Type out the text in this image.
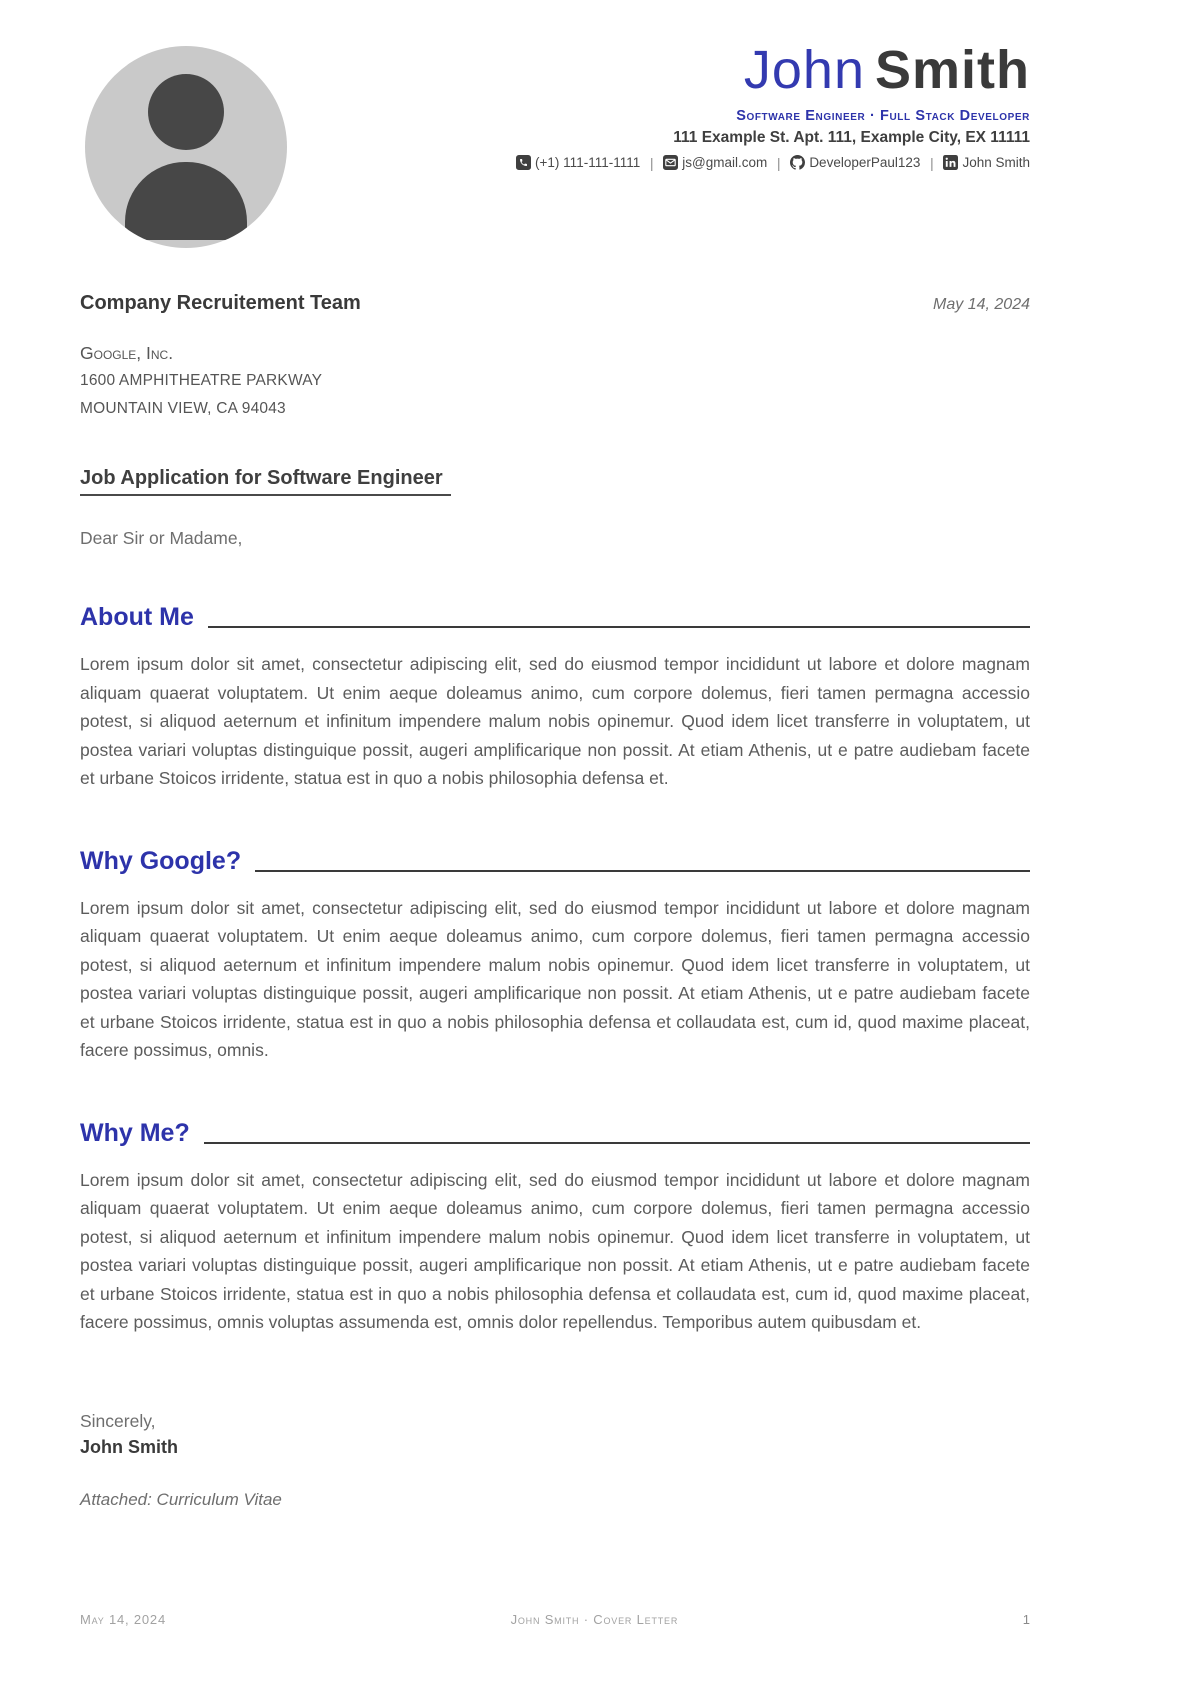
John Smith
Software Engineer · Full Stack Developer
111 Example St. Apt. 111, Example City, EX 11111
(+1) 111-111-1111 | js@gmail.com | DeveloperPaul123 | John Smith
Company Recruitement Team	May 14, 2024
Google, Inc.
1600 AMPHITHEATRE PARKWAY
MOUNTAIN VIEW, CA 94043
Job Application for Software Engineer
Dear Sir or Madame,
About Me

Lorem ipsum dolor sit amet, consectetur adipiscing elit, sed do eiusmod tempor incididunt ut labore et dolore magnam aliquam quaerat voluptatem. Ut enim aeque doleamus animo, cum corpore dolemus, fieri tamen permagna accessio potest, si aliquod aeternum et infinitum impendere malum nobis opinemur. Quod idem licet transferre in voluptatem, ut postea variari voluptas distinguique possit, augeri amplificarique non possit. At etiam Athenis, ut e patre audiebam facete et urbane Stoicos irridente, statua est in quo a nobis philosophia defensa et.

Why Google?

Lorem ipsum dolor sit amet, consectetur adipiscing elit, sed do eiusmod tempor incididunt ut labore et dolore magnam aliquam quaerat voluptatem. Ut enim aeque doleamus animo, cum corpore dolemus, fieri tamen permagna accessio potest, si aliquod aeternum et infinitum impendere malum nobis opinemur. Quod idem licet transferre in voluptatem, ut postea variari voluptas distinguique possit, augeri amplificarique non possit. At etiam Athenis, ut e patre audiebam facete et urbane Stoicos irridente, statua est in quo a nobis philosophia defensa et collaudata est, cum id, quod maxime placeat, facere possimus, omnis.

Why Me?

Lorem ipsum dolor sit amet, consectetur adipiscing elit, sed do eiusmod tempor incididunt ut labore et dolore magnam aliquam quaerat voluptatem. Ut enim aeque doleamus animo, cum corpore dolemus, fieri tamen permagna accessio potest, si aliquod aeternum et infinitum impendere malum nobis opinemur. Quod idem licet transferre in voluptatem, ut postea variari voluptas distinguique possit, augeri amplificarique non possit. At etiam Athenis, ut e patre audiebam facete et urbane Stoicos irridente, statua est in quo a nobis philosophia defensa et collaudata est, cum id, quod maxime placeat, facere possimus, omnis voluptas assumenda est, omnis dolor repellendus. Temporibus autem quibusdam et.

Sincerely,
John Smith
Attached: Curriculum Vitae
May 14, 2024	John Smith · Cover Letter	1
